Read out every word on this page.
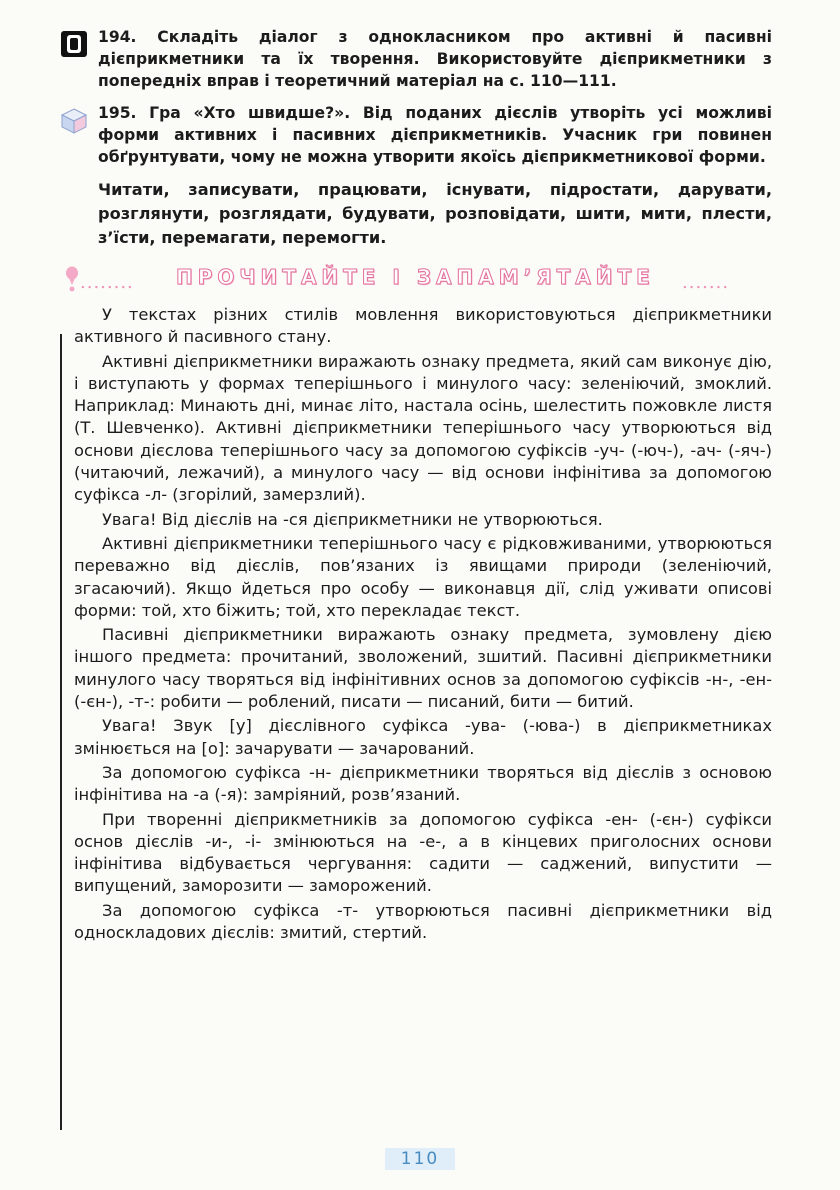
194. Складіть діалог з однокласником про активні й пасивні дієприкметники та їх творення. Використовуйте дієприкметники з попередніх вправ і теоретичний матеріал на с. 110—111.
195. Гра «Хто швидше?». Від поданих дієслів утворіть усі можливі форми активних і пасивних дієприкметників. Учасник гри повинен обґрунтувати, чому не можна утворити якоїсь дієприкметникової форми.
Читати, записувати, працювати, існувати, підростати, дарувати, розглянути, розглядати, будувати, розповідати, шити, мити, плести, з’їсти, перемагати, перемогти.
........ ПРОЧИТАЙТЕ І ЗАПАМ’ЯТАЙТЕ .......

У текстах різних стилів мовлення використовуються дієприкметники активного й пасивного стану.

Активні дієприкметники виражають ознаку предмета, який сам виконує дію, і виступають у формах теперішнього і минулого часу: зеленіючий, змоклий. Наприклад: Минають дні, минає літо, настала осінь, шелестить пожовкле листя (Т. Шевченко). Активні дієприкметники теперішнього часу утворюються від основи дієслова теперішнього часу за допомогою суфіксів -уч- (-юч-), -ач- (-яч-) (читаючий, лежачий), а минулого часу — від основи інфінітива за допомогою суфікса -л- (згорілий, замерзлий).

Увага! Від дієслів на -ся дієприкметники не утворюються.

Активні дієприкметники теперішнього часу є рідковживаними, утворюються переважно від дієслів, пов’язаних із явищами природи (зеленіючий, згасаючий). Якщо йдеться про особу — виконавця дії, слід уживати описові форми: той, хто біжить; той, хто перекладає текст.

Пасивні дієприкметники виражають ознаку предмета, зумовлену дією іншого предмета: прочитаний, зволожений, зшитий. Пасивні дієприкметники минулого часу творяться від інфінітивних основ за допомогою суфіксів -н-, -ен- (-єн-), -т-: робити — роблений, писати — писаний, бити — битий.

Увага! Звук [у] дієслівного суфікса -ува- (-юва-) в дієприкметниках змінюється на [о]: зачарувати — зачарований.

За допомогою суфікса -н- дієприкметники творяться від дієслів з основою інфінітива на -а (-я): замріяний, розв’язаний.

При творенні дієприкметників за допомогою суфікса -ен- (-єн-) суфікси основ дієслів -и-, -і- змінюються на -е-, а в кінцевих приголосних основи інфінітива відбувається чергування: садити — саджений, випустити — випущений, заморозити — заморожений.

За допомогою суфікса -т- утворюються пасивні дієприкметники від односкладових дієслів: змитий, стертий.

110
